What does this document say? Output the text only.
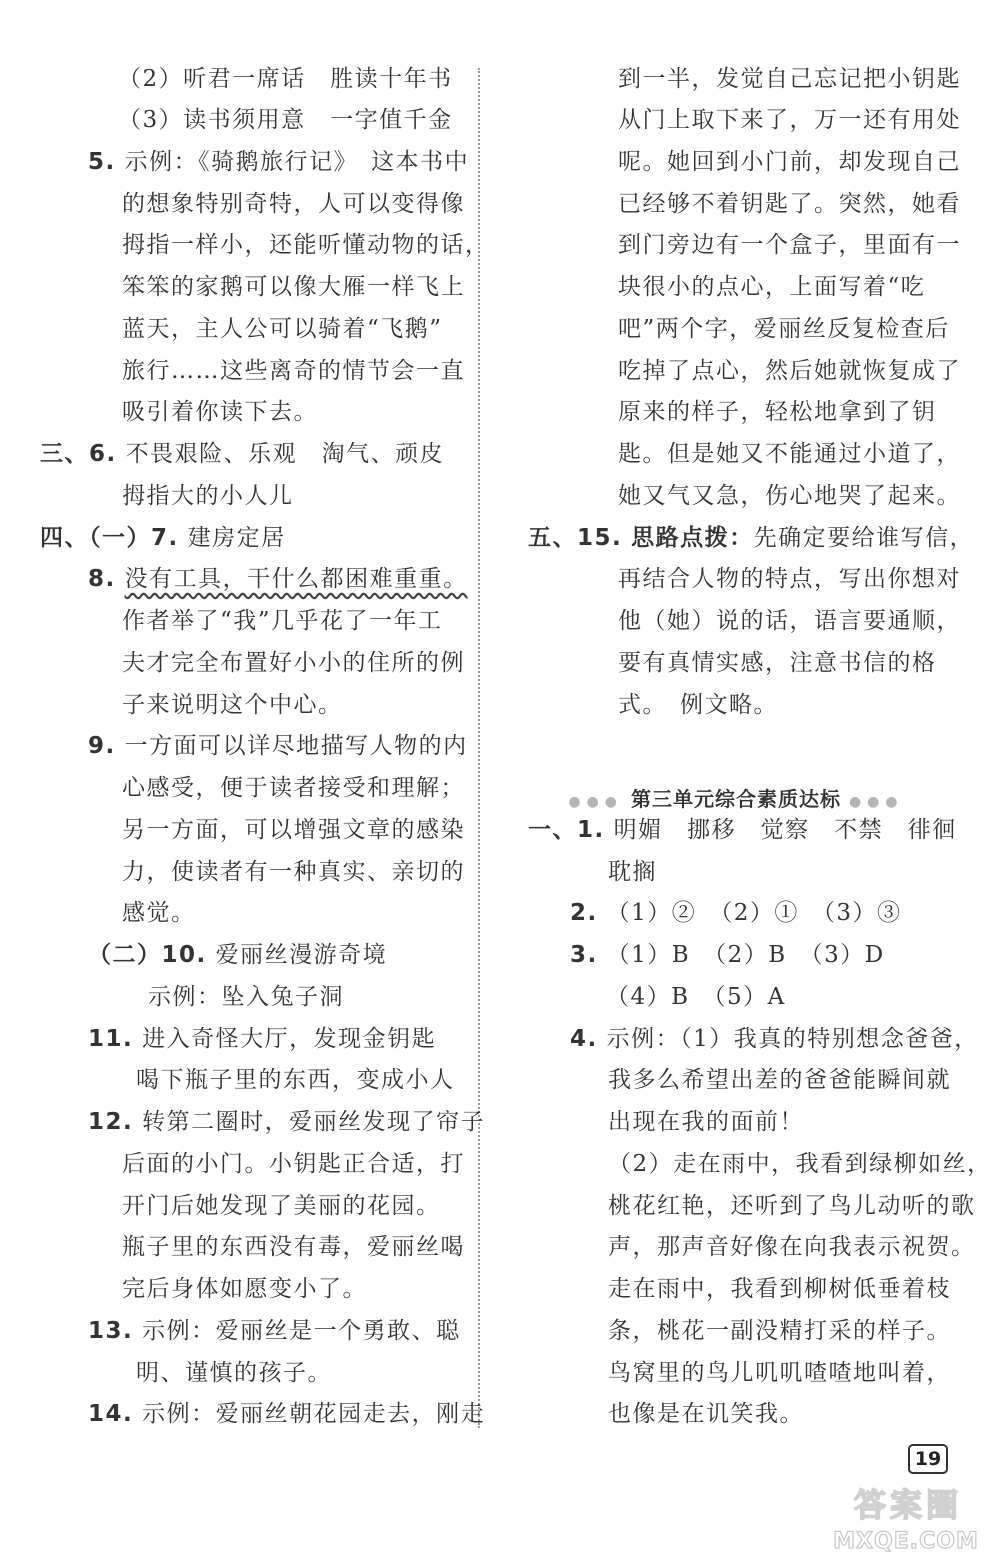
（2）听君一席话　胜读十年书
（3）读书须用意　一字值千金
5. 示例：《骑鹅旅行记》　这本书中
的想象特别奇特，人可以变得像
拇指一样小，还能听懂动物的话，
笨笨的家鹅可以像大雁一样飞上
蓝天，主人公可以骑着“飞鹅”
旅行……这些离奇的情节会一直
吸引着你读下去。
三、6. 不畏艰险、乐观　淘气、顽皮
拇指大的小人儿
四、（一）7. 建房定居
8. 没有工具，干什么都困难重重。
作者举了“我”几乎花了一年工
夫才完全布置好小小的住所的例
子来说明这个中心。
9. 一方面可以详尽地描写人物的内
心感受，便于读者接受和理解；
另一方面，可以增强文章的感染
力，使读者有一种真实、亲切的
感觉。
（二）10. 爱丽丝漫游奇境
示例：坠入兔子洞
11. 进入奇怪大厅，发现金钥匙
喝下瓶子里的东西，变成小人
12. 转第二圈时，爱丽丝发现了帘子
后面的小门。小钥匙正合适，打
开门后她发现了美丽的花园。
瓶子里的东西没有毒，爱丽丝喝
完后身体如愿变小了。
13. 示例：爱丽丝是一个勇敢、聪
明、谨慎的孩子。
14. 示例：爱丽丝朝花园走去，刚走
到一半，发觉自己忘记把小钥匙
从门上取下来了，万一还有用处
呢。她回到小门前，却发现自己
已经够不着钥匙了。突然，她看
到门旁边有一个盒子，里面有一
块很小的点心，上面写着“吃
吧”两个字，爱丽丝反复检查后
吃掉了点心，然后她就恢复成了
原来的样子，轻松地拿到了钥
匙。但是她又不能通过小道了，
她又气又急，伤心地哭了起来。
五、15. 思路点拨：先确定要给谁写信，
再结合人物的特点，写出你想对
他（她）说的话，语言要通顺，
要有真情实感，注意书信的格
式。　例文略。
●●● 第三单元综合素质达标 ●●●
一、1. 明媚　挪移　觉察　不禁　徘徊
耽搁
2. （1）②　（2）①　（3）③
3. （1）B　（2）B　（3）D
（4）B　（5）A
4. 示例：（1）我真的特别想念爸爸，
我多么希望出差的爸爸能瞬间就
出现在我的面前！
（2）走在雨中，我看到绿柳如丝，
桃花红艳，还听到了鸟儿动听的歌
声，那声音好像在向我表示祝贺。
走在雨中，我看到柳树低垂着枝
条，桃花一副没精打采的样子。
鸟窝里的鸟儿叽叽喳喳地叫着，
也像是在讥笑我。
19
答案圈
MXQE.COM
